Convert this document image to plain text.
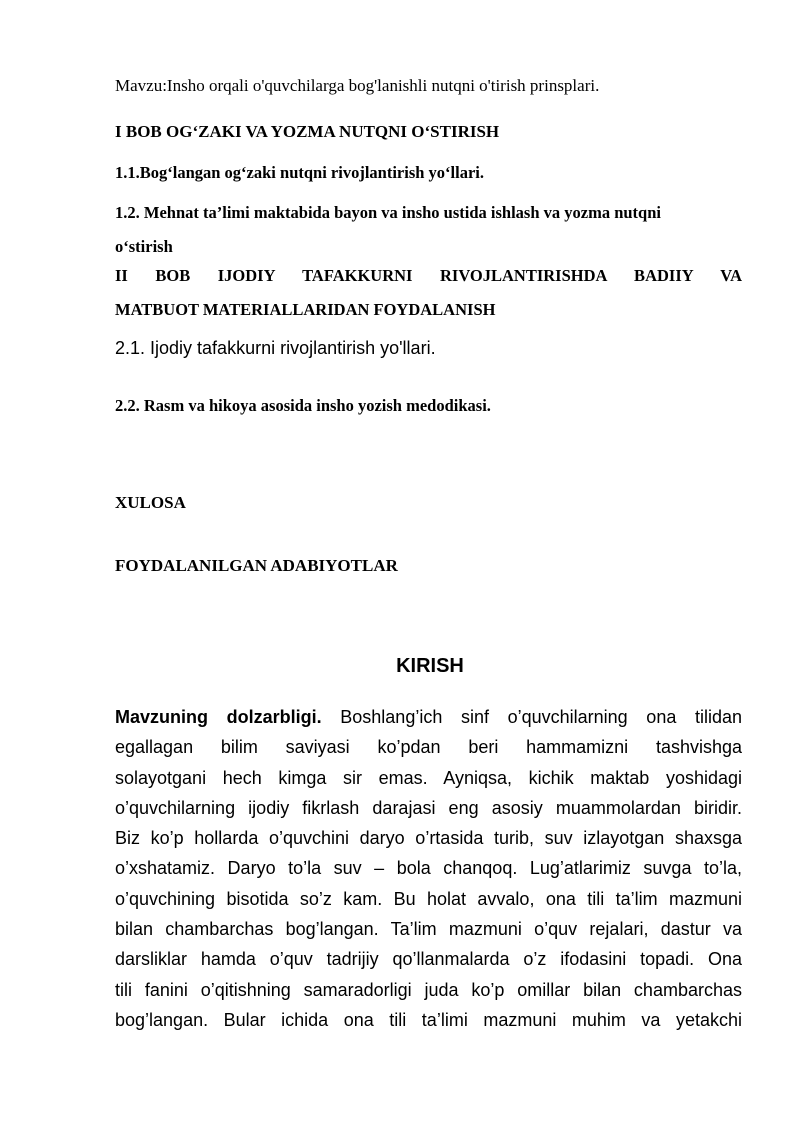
Mavzu:Insho orqali o'quvchilarga bog'lanishli nutqni o'tirish prinsplari.
I BOB OG‘ZAKI VA YOZMA NUTQNI O‘STIRISH
1.1.Bog‘langan og‘zaki nutqni rivojlantirish yo‘llari.
1.2. Mehnat ta’limi maktabida bayon va insho ustida ishlash va yozma nutqni
o‘stirish
II BOB IJODIY TAFAKKURNI RIVOJLANTIRISHDA BADIIY VA
MATBUOT MATERIALLARIDAN FOYDALANISH
2.1. Ijodiy tafakkurni rivojlantirish yo'llari.
2.2. Rasm va hikoya asosida insho yozish medodikasi.
XULOSA
FOYDALANILGAN ADABIYOTLAR
KIRISH
Mavzuning dolzarbligi. Boshlang’ich sinf o’quvchilarning ona tilidan
egallagan bilim saviyasi ko’pdan beri hammamizni tashvishga
solayotgani hech kimga sir emas. Ayniqsa, kichik maktab yoshidagi
o’quvchilarning ijodiy fikrlash darajasi eng asosiy muammolardan biridir.
Biz ko’p hollarda o’quvchini daryo o’rtasida turib, suv izlayotgan shaxsga
o’xshatamiz. Daryo to’la suv – bola chanqoq. Lug’atlarimiz suvga to’la,
o’quvchining bisotida so’z kam. Bu holat avvalo, ona tili ta’lim mazmuni
bilan chambarchas bog’langan. Ta’lim mazmuni o’quv rejalari, dastur va
darsliklar hamda o’quv tadrijiy qo’llanmalarda o’z ifodasini topadi. Ona
tili fanini o’qitishning samaradorligi juda ko’p omillar bilan chambarchas
bog’langan. Bular ichida ona tili ta’limi mazmuni muhim va yetakchi
